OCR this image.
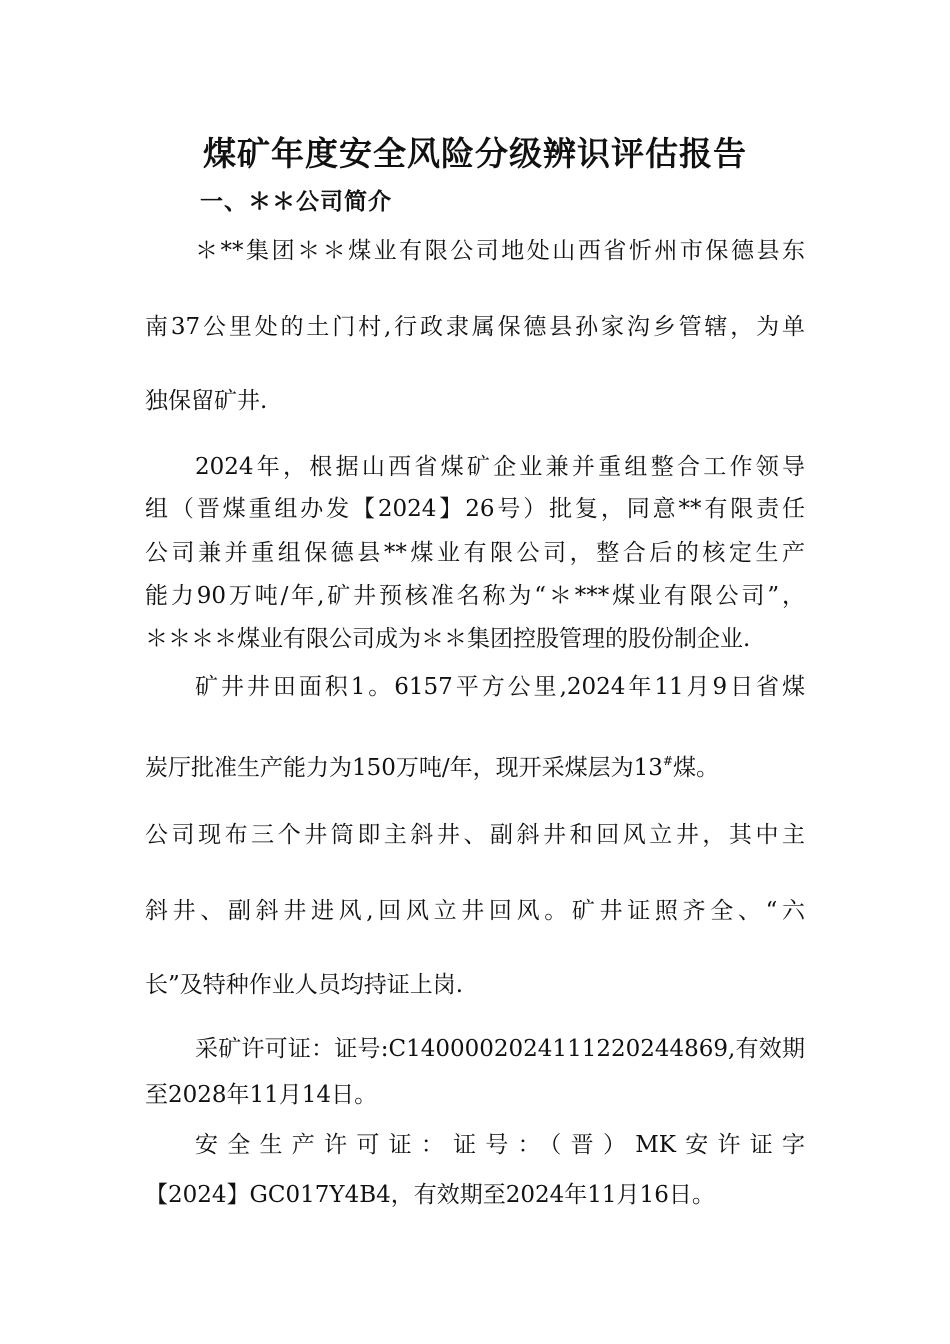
煤矿年度安全风险分级辨识评估报告
一、＊＊公司简介
＊**集团＊＊煤业有限公司地处山西省忻州市保德县东
南37公里处的土门村,行政隶属保德县孙家沟乡管辖，为单
独保留矿井.
2024年，根据山西省煤矿企业兼并重组整合工作领导
组（晋煤重组办发【2024】26号）批复，同意**有限责任
公司兼并重组保德县**煤业有限公司，整合后的核定生产
能力90万吨/年,矿井预核准名称为“＊***煤业有限公司”，
＊＊＊＊煤业有限公司成为＊＊集团控股管理的股份制企业.
矿井井田面积1。6157平方公里,2024年11月9日省煤
炭厅批准生产能力为150万吨/年，现开采煤层为13#煤。
公司现布三个井筒即主斜井、副斜井和回风立井，其中主
斜井、副斜井进风,回风立井回风。矿井证照齐全、“六
长”及特种作业人员均持证上岗.
采矿许可证：证号:C1400002024111220244869,有效期
至2028年11月14日。
安全生产许可证：证号：（晋）MK安许证字
【2024】GC017Y4B4，有效期至2024年11月16日。
